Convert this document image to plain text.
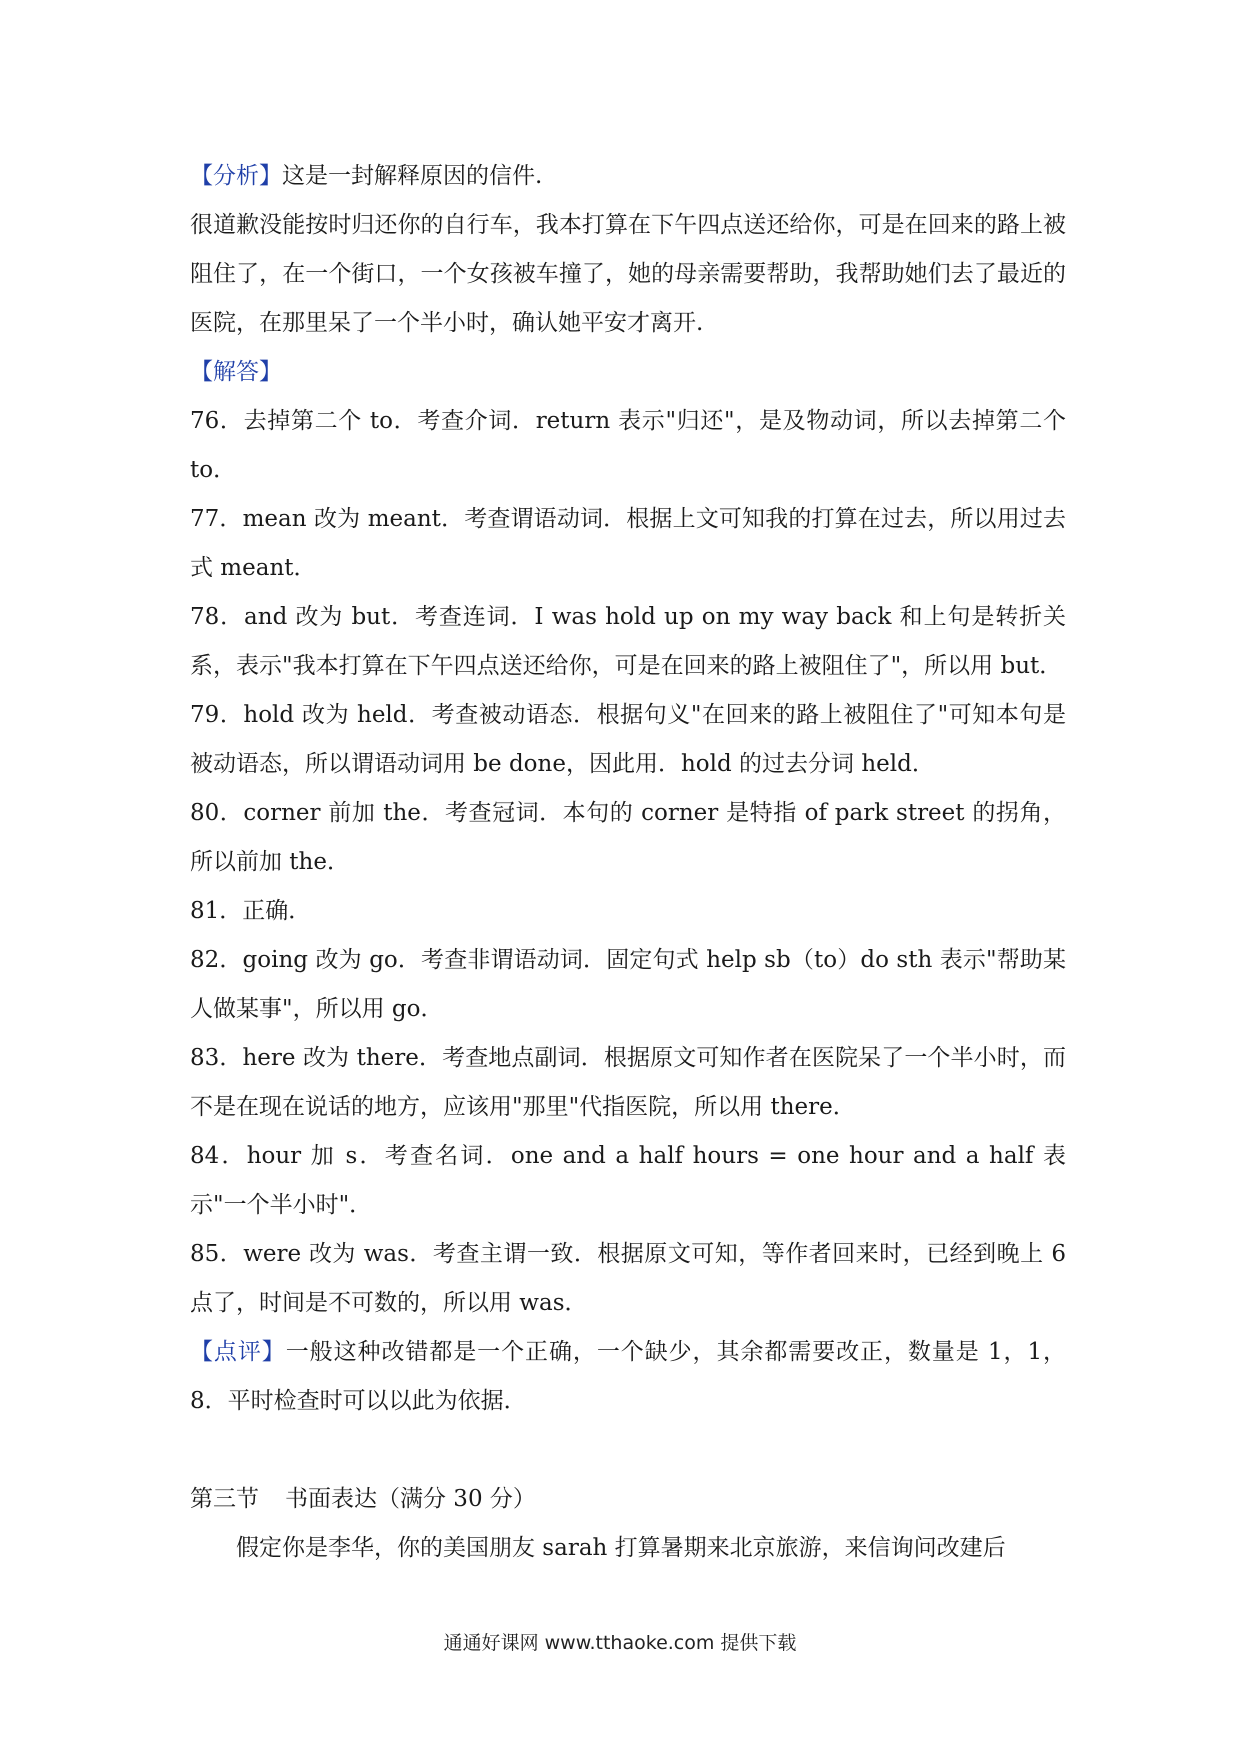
【分析】这是一封解释原因的信件.

很道歉没能按时归还你的自行车，我本打算在下午四点送还给你，可是在回来的路上被阻住了，在一个街口，一个女孩被车撞了，她的母亲需要帮助，我帮助她们去了最近的医院，在那里呆了一个半小时，确认她平安才离开.

【解答】

76．去掉第二个 to．考查介词．return 表示"归还"，是及物动词，所以去掉第二个 to．

77．mean 改为 meant．考查谓语动词．根据上文可知我的打算在过去，所以用过去式 meant．

78．and 改为 but．考查连词．I was hold up on my way back 和上句是转折关系，表示"我本打算在下午四点送还给你，可是在回来的路上被阻住了"，所以用 but．

79．hold 改为 held．考查被动语态．根据句义"在回来的路上被阻住了"可知本句是被动语态，所以谓语动词用 be done，因此用．hold 的过去分词 held．

80．corner 前加 the．考查冠词．本句的 corner 是特指 of park street 的拐角，所以前加 the．

81．正确．

82．going 改为 go．考查非谓语动词．固定句式 help sb（to）do sth 表示"帮助某人做某事"，所以用 go．

83．here 改为 there．考查地点副词．根据原文可知作者在医院呆了一个半小时，而不是在现在说话的地方，应该用"那里"代指医院，所以用 there．

84．hour 加 s．考查名词．one and a half hours = one hour and a half 表示"一个半小时"．

85．were 改为 was．考查主谓一致．根据原文可知，等作者回来时，已经到晚上 6 点了，时间是不可数的，所以用 was．

【点评】一般这种改错都是一个正确，一个缺少，其余都需要改正，数量是 1，1，8．平时检查时可以以此为依据．

第三节 书面表达（满分 30 分）

假定你是李华，你的美国朋友 sarah 打算暑期来北京旅游，来信询问改建后

通通好课网 www.tthaoke.com 提供下载
